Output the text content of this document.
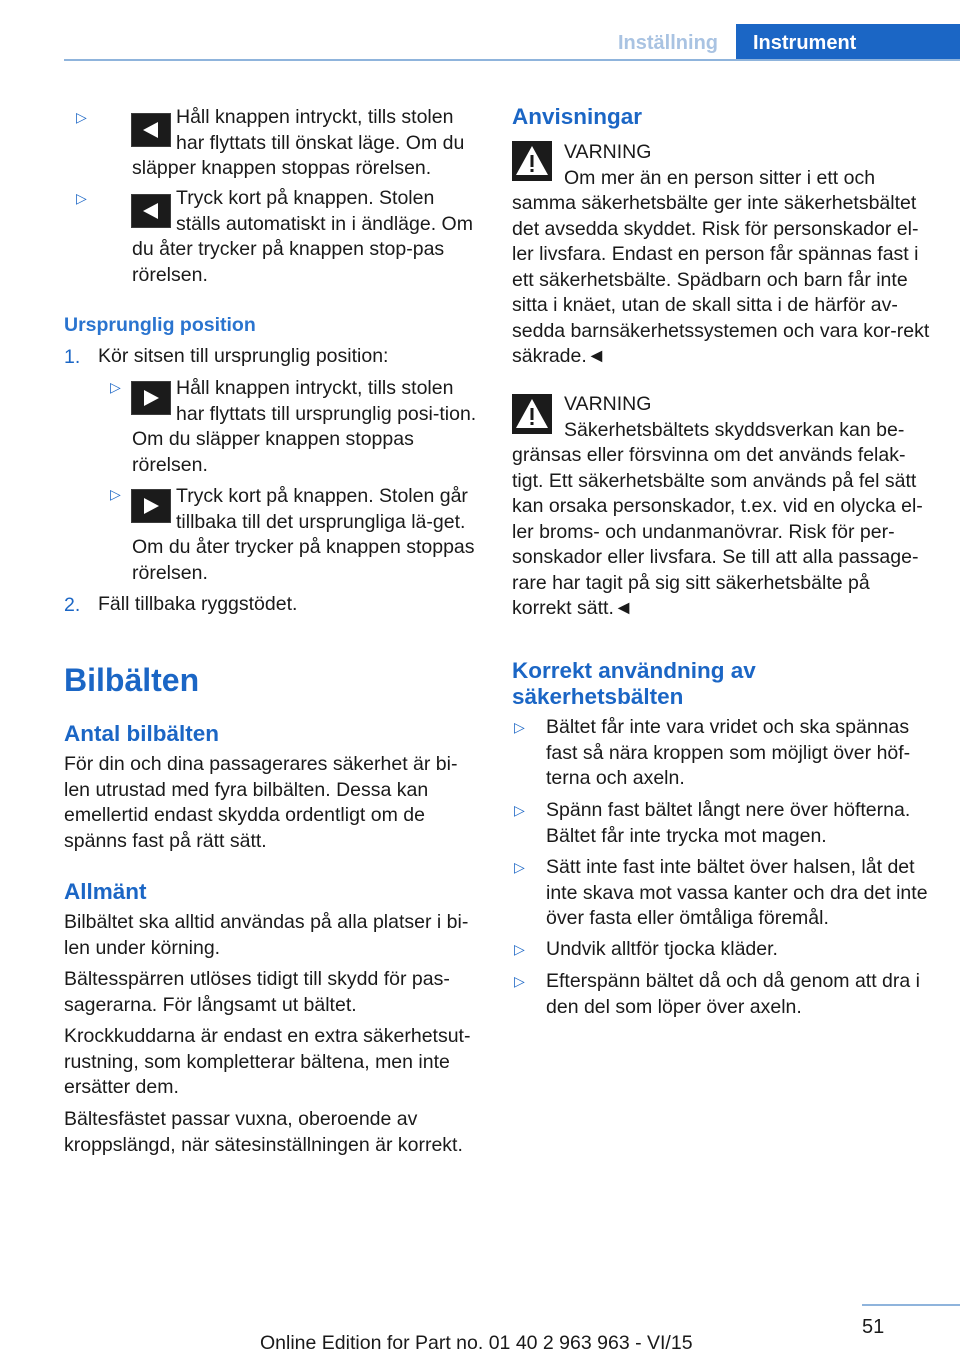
Inställning	Instrument
▷	Håll knappen intryckt, tills stolen har flyttats till önskat läge. Om du släpper knappen stoppas rörelsen.
▷	Tryck kort på knappen. Stolen ställs automatiskt in i ändläge. Om du åter trycker på knappen stop‐pas rörelsen.
Ursprunglig position
1. Kör sitsen till ursprunglig position:
▷	Håll knappen intryckt, tills stolen har flyttats till ursprunglig posi‐tion. Om du släpper knappen stoppas rörelsen.
▷	Tryck kort på knappen. Stolen går tillbaka till det ursprungliga lä‐get. Om du åter trycker på knappen stoppas rörelsen.
2. Fäll tillbaka ryggstödet.
Bilbälten
Antal bilbälten
För din och dina passagerares säkerhet är bi‐len utrustad med fyra bilbälten. Dessa kan emellertid endast skydda ordentligt om de spänns fast på rätt sätt.
Allmänt
Bilbältet ska alltid användas på alla platser i bi‐len under körning.
Bältesspärren utlöses tidigt till skydd för pas‐sagerarna. För långsamt ut bältet.
Krockkuddarna är endast en extra säkerhetsut‐rustning, som kompletterar bältena, men inte ersätter dem.
Bältesfästet passar vuxna, oberoende av kroppslängd, när sätesinställningen är korrekt.
Anvisningar
VARNING
Om mer än en person sitter i ett och samma säkerhetsbälte ger inte säkerhetsbältet det avsedda skyddet. Risk för personskador el‐ler livsfara. Endast en person får spännas fast i ett säkerhetsbälte. Spädbarn och barn får inte sitta i knäet, utan de skall sitta i de härför av‐sedda barnsäkerhetssystemen och vara kor‐rekt säkrade.◄
VARNING
Säkerhetsbältets skyddsverkan kan be‐gränsas eller försvinna om det används felak‐tigt. Ett säkerhetsbälte som används på fel sätt kan orsaka personskador, t.ex. vid en olycka el‐ler broms- och undanmanövrar. Risk för per‐sonskador eller livsfara. Se till att alla passage‐rare har tagit på sig sitt säkerhetsbälte på korrekt sätt.◄
Korrekt användning av säkerhetsbälten
▷ Bältet får inte vara vridet och ska spännas fast så nära kroppen som möjligt över höf‐terna och axeln.
▷ Spänn fast bältet långt nere över höfterna. Bältet får inte trycka mot magen.
▷ Sätt inte fast inte bältet över halsen, låt det inte skava mot vassa kanter och dra det inte över fasta eller ömtåliga föremål.
▷ Undvik alltför tjocka kläder.
▷ Efterspänn bältet då och då genom att dra i den del som löper över axeln.
51
Online Edition for Part no. 01 40 2 963 963 - VI/15
